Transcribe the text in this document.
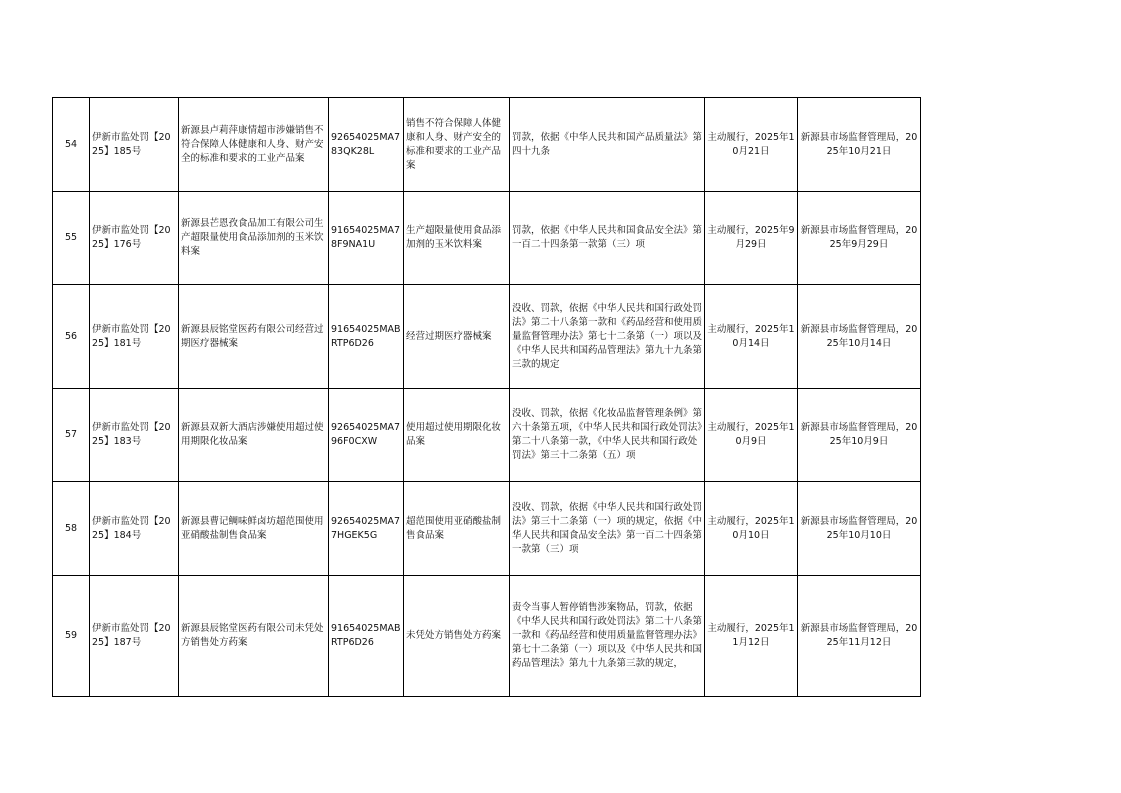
54	伊新市监处罚【2025】185号	新源县卢莉萍康情超市涉嫌销售不符合保障人体健康和人身、财产安全的标准和要求的工业产品案	92654025MA783QK28L	销售不符合保障人体健康和人身、财产安全的标准和要求的工业产品案	罚款，依据《中华人民共和国产品质量法》第四十九条	主动履行，2025年10月21日	新源县市场监督管理局，2025年10月21日
55	伊新市监处罚【2025】176号	新源县芒恩孜食品加工有限公司生产超限量使用食品添加剂的玉米饮料案	91654025MA78F9NA1U	生产超限量使用食品添加剂的玉米饮料案	罚款，依据《中华人民共和国食品安全法》第一百二十四条第一款第（三）项	主动履行，2025年9月29日	新源县市场监督管理局，2025年9月29日
56	伊新市监处罚【2025】181号	新源县辰铭堂医药有限公司经营过期医疗器械案	91654025MABRTP6D26	经营过期医疗器械案	没收、罚款，依据《中华人民共和国行政处罚法》第二十八条第一款和《药品经营和使用质量监督管理办法》第七十二条第（一）项以及《中华人民共和国药品管理法》第九十九条第三款的规定	主动履行，2025年10月14日	新源县市场监督管理局，2025年10月14日
57	伊新市监处罚【2025】183号	新源县双新大酒店涉嫌使用超过使用期限化妆品案	92654025MA796F0CXW	使用超过使用期限化妆品案	没收、罚款，依据《化妆品监督管理条例》第六十条第五项，《中华人民共和国行政处罚法》第二十八条第一款，《中华人民共和国行政处罚法》第三十二条第（五）项	主动履行，2025年10月9日	新源县市场监督管理局，2025年10月9日
58	伊新市监处罚【2025】184号	新源县曹记鲷味鲜卤坊超范围使用亚硝酸盐制售食品案	92654025MA77HGEK5G	超范围使用亚硝酸盐制售食品案	没收、罚款，依据《中华人民共和国行政处罚法》第三十二条第（一）项的规定，依据《中华人民共和国食品安全法》第一百二十四条第一款第（三）项	主动履行，2025年10月10日	新源县市场监督管理局，2025年10月10日
59	伊新市监处罚【2025】187号	新源县辰铭堂医药有限公司未凭处方销售处方药案	91654025MABRTP6D26	未凭处方销售处方药案	责令当事人暂停销售涉案物品，罚款，依据《中华人民共和国行政处罚法》第二十八条第一款和《药品经营和使用质量监督管理办法》第七十二条第（一）项以及《中华人民共和国药品管理法》第九十九条第三款的规定，	主动履行，2025年11月12日	新源县市场监督管理局，2025年11月12日
